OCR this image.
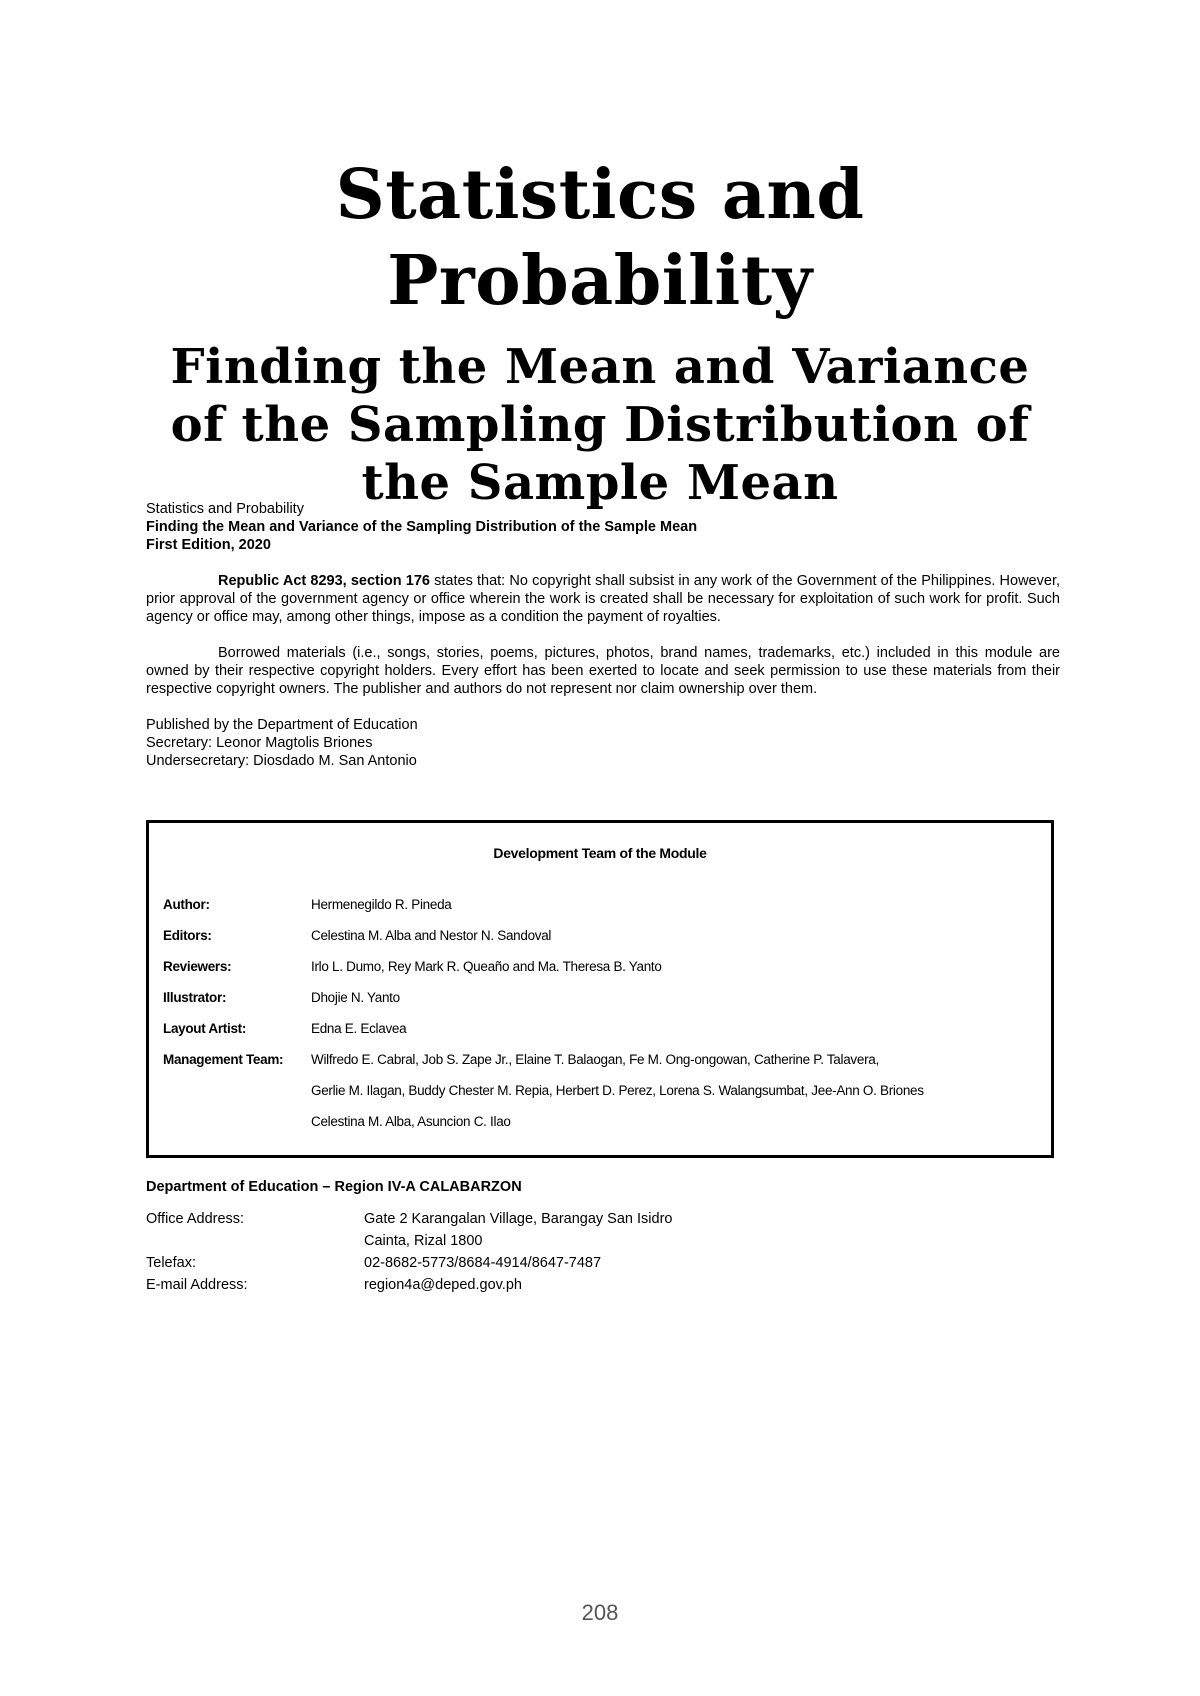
Statistics and

Probability

Finding the Mean and Variance

of the Sampling Distribution of

the Sample Mean

Statistics and Probability

Finding the Mean and Variance of the Sampling Distribution of the Sample Mean

First Edition, 2020

Republic Act 8293, section 176 states that: No copyright shall subsist in any work of the Government of the Philippines. However, prior approval of the government agency or office wherein the work is created shall be necessary for exploitation of such work for profit. Such agency or office may, among other things, impose as a condition the payment of royalties.

Borrowed materials (i.e., songs, stories, poems, pictures, photos, brand names, trademarks, etc.) included in this module are owned by their respective copyright holders. Every effort has been exerted to locate and seek permission to use these materials from their respective copyright owners. The publisher and authors do not represent nor claim ownership over them.

Published by the Department of Education

Secretary: Leonor Magtolis Briones

Undersecretary: Diosdado M. San Antonio

Development Team of the Module
Author:	Hermenegildo R. Pineda
Editors:	Celestina M. Alba and Nestor N. Sandoval
Reviewers:	Irlo L. Dumo, Rey Mark R. Queaño and Ma. Theresa B. Yanto
Illustrator:	Dhojie N. Yanto
Layout Artist:	Edna E. Eclavea
Management Team: Wilfredo E. Cabral, Job S. Zape Jr., Elaine T. Balaogan, Fe M. Ong-ongowan, Catherine P. Talavera,
Gerlie M. Ilagan, Buddy Chester M. Repia, Herbert D. Perez, Lorena S. Walangsumbat, Jee-Ann O. Briones
Celestina M. Alba, Asuncion C. Ilao
Department of Education – Region IV-A CALABARZON
Office Address:	Gate 2 Karangalan Village, Barangay San Isidro
Cainta, Rizal 1800
Telefax:	02-8682-5773/8684-4914/8647-7487
E-mail Address:	region4a@deped.gov.ph
208
